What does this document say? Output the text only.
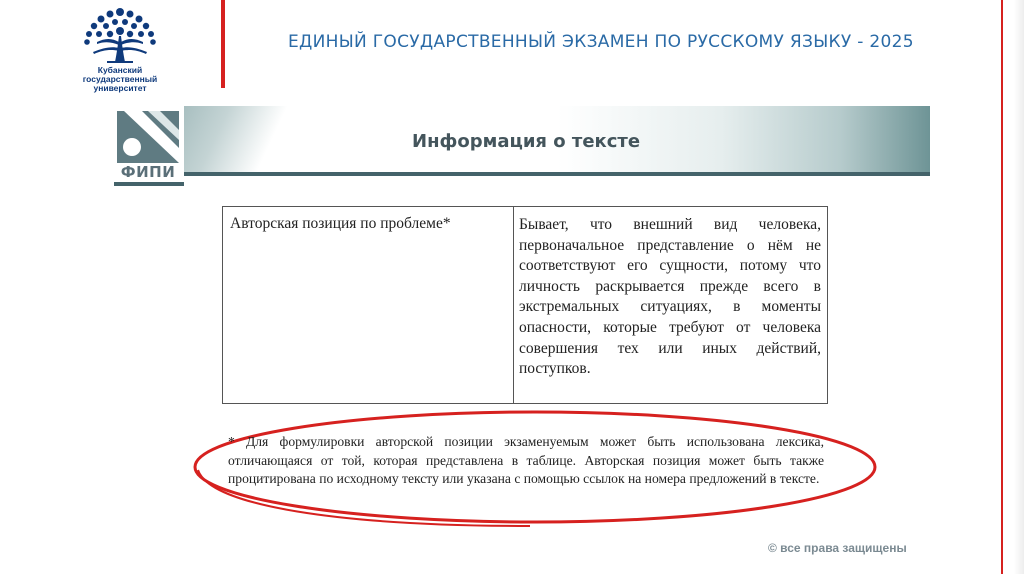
Кубанский
государственный
университет
ЕДИНЫЙ ГОСУДАРСТВЕННЫЙ ЭКЗАМЕН ПО РУССКОМУ ЯЗЫКУ - 2025
ФИПИ
Информация о тексте
Авторская позиция по проблеме*	Бывает, что внешний вид человека, первоначальное представление о нём не соответствуют его сущности, потому что личность раскрывается прежде всего в экстремальных ситуациях, в моменты опасности, которые требуют от человека совершения тех или иных действий, поступков.
* Для формулировки авторской позиции экзаменуемым может быть использована лексика, отличающаяся от той, которая представлена в таблице. Авторская позиция может быть также процитирована по исходному тексту или указана с помощью ссылок на номера предложений в тексте.
© все права защищены
